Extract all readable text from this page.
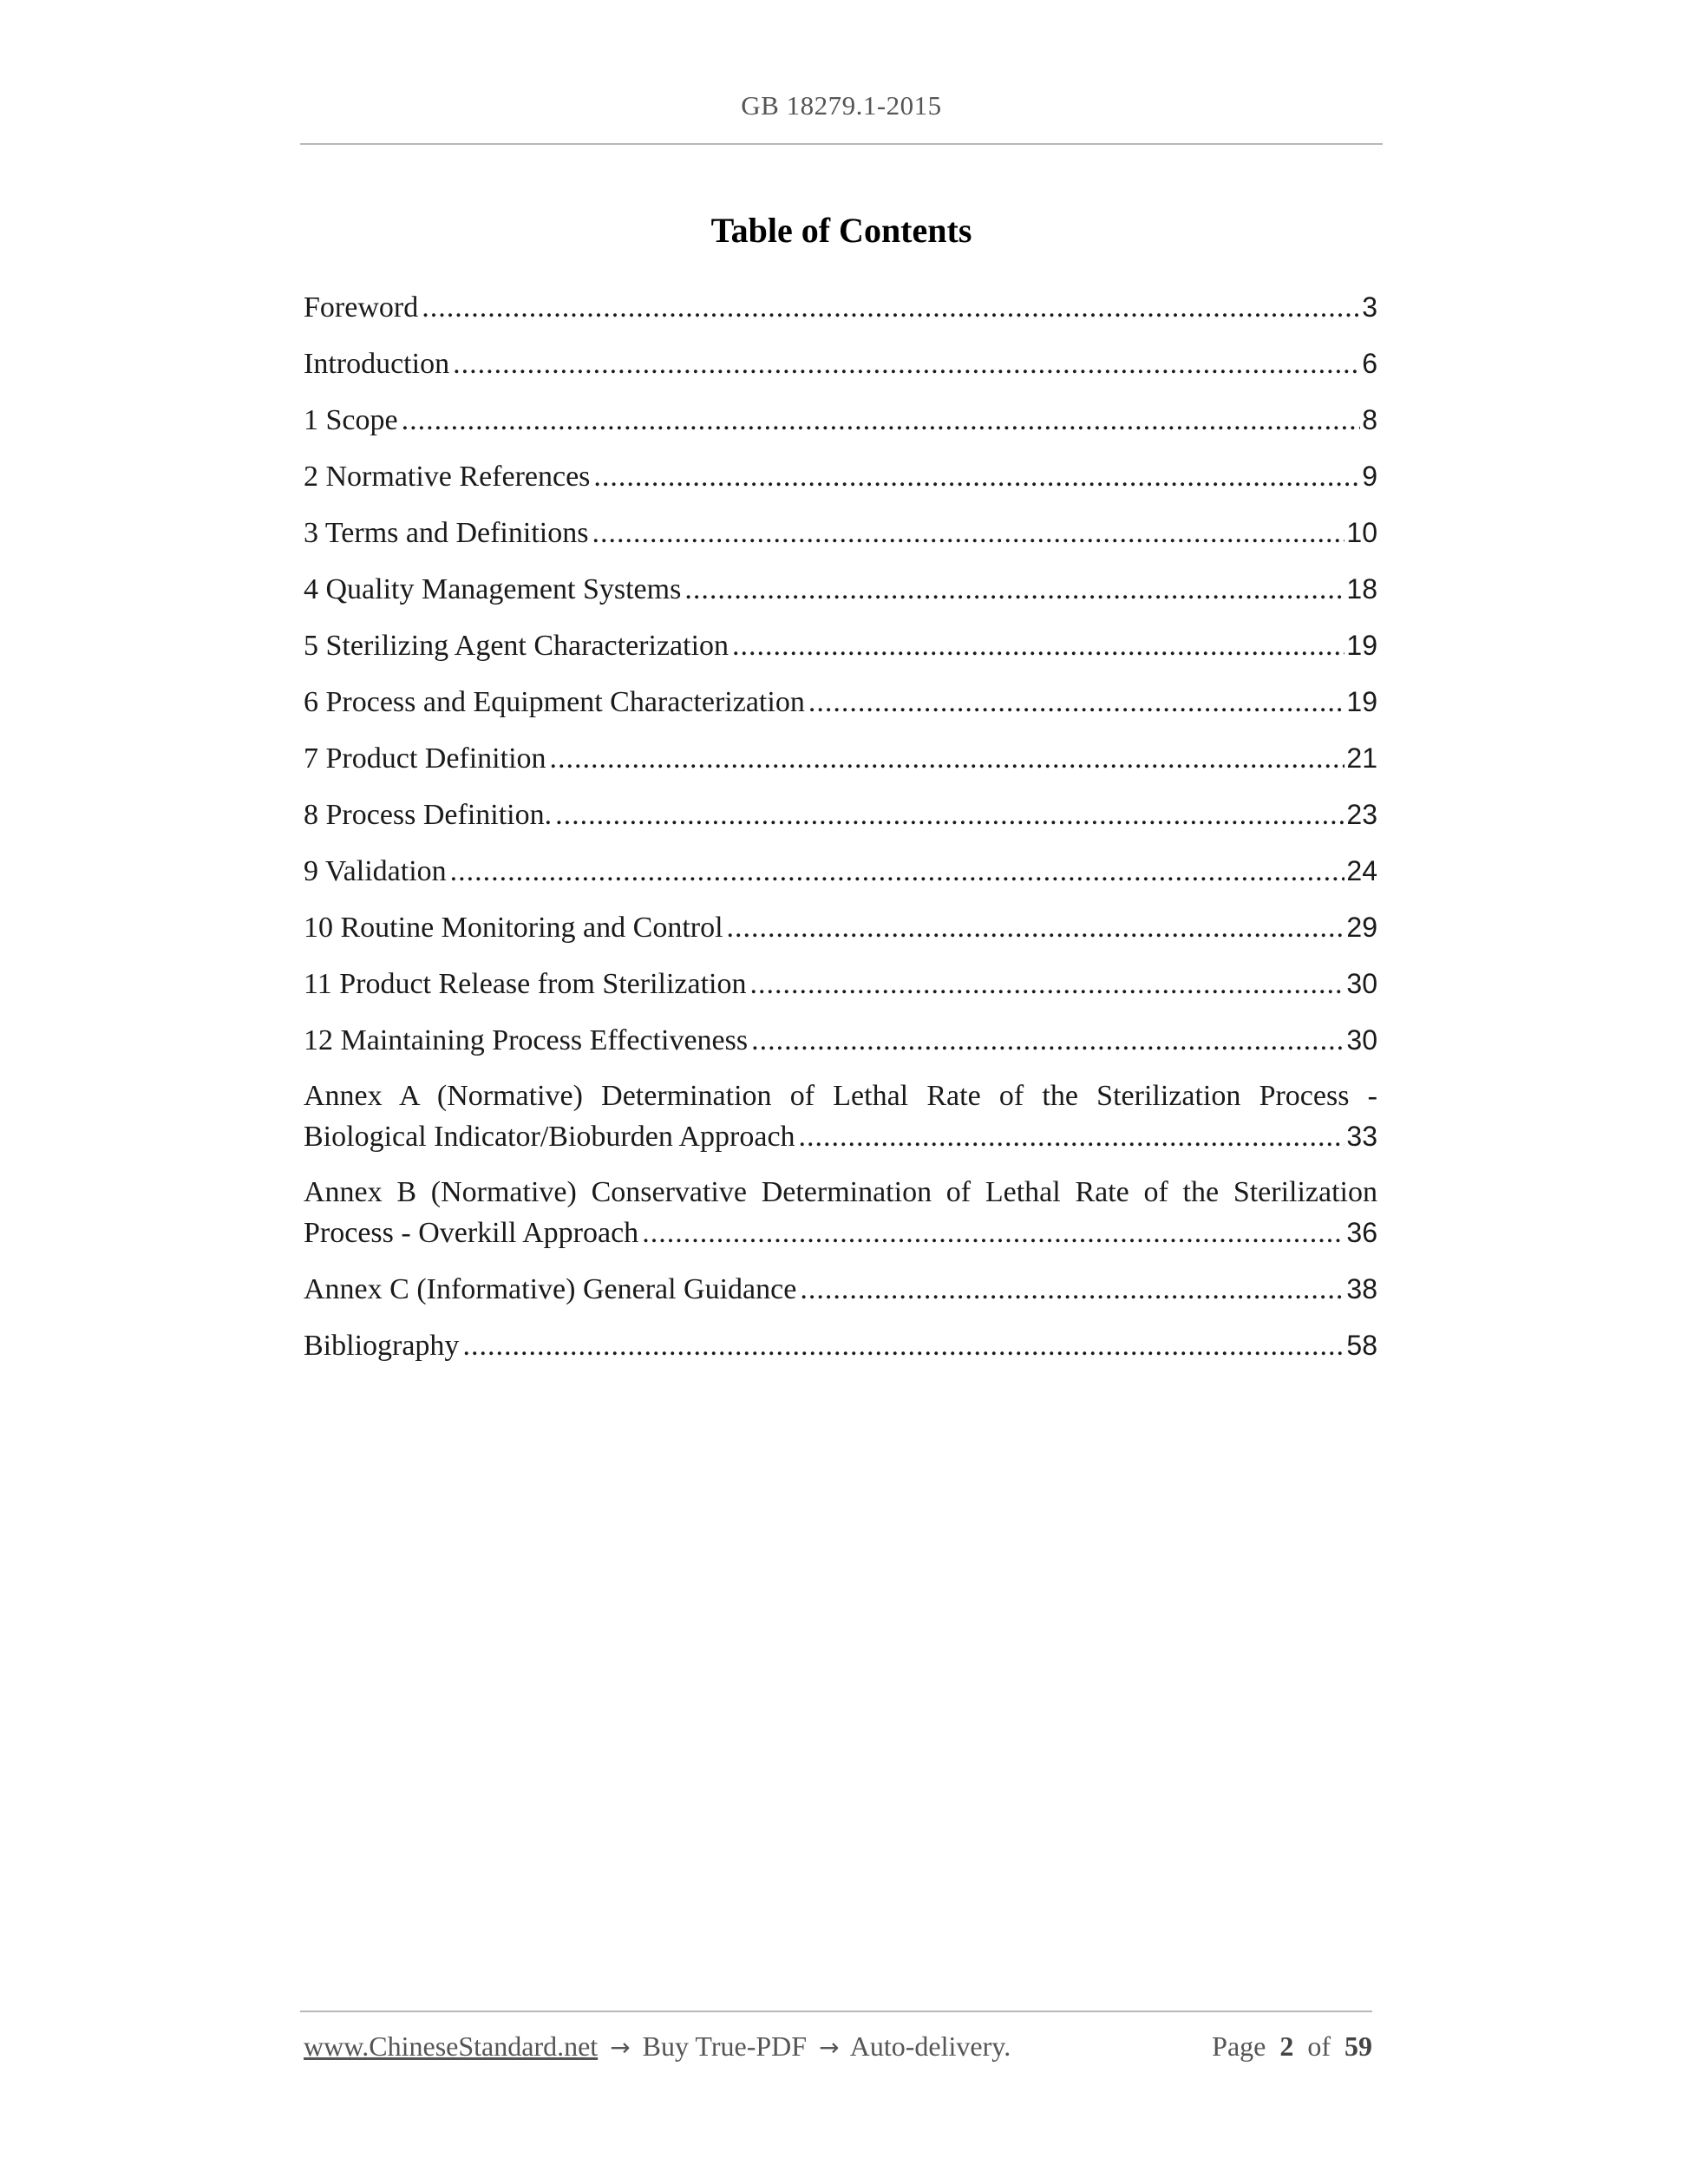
GB 18279.1-2015
Table of Contents
Foreword .....	3
Introduction .....	6
1 Scope .....	8
2 Normative References .....	9
3 Terms and Definitions .....	10
4 Quality Management Systems .....	18
5 Sterilizing Agent Characterization .....	19
6 Process and Equipment Characterization .....	19
7 Product Definition .....	21
8 Process Definition. .....	23
9 Validation .....	24
10 Routine Monitoring and Control .....	29
11 Product Release from Sterilization .....	30
12 Maintaining Process Effectiveness .....	30
Annex A (Normative) Determination of Lethal Rate of the Sterilization Process -
Biological Indicator/Bioburden Approach .....	33
Annex B (Normative) Conservative Determination of Lethal Rate of the Sterilization
Process - Overkill Approach .....	36
Annex C (Informative) General Guidance .....	38
Bibliography .....	58
www.ChineseStandard.net → Buy True-PDF → Auto-delivery.	Page 2 of 59
